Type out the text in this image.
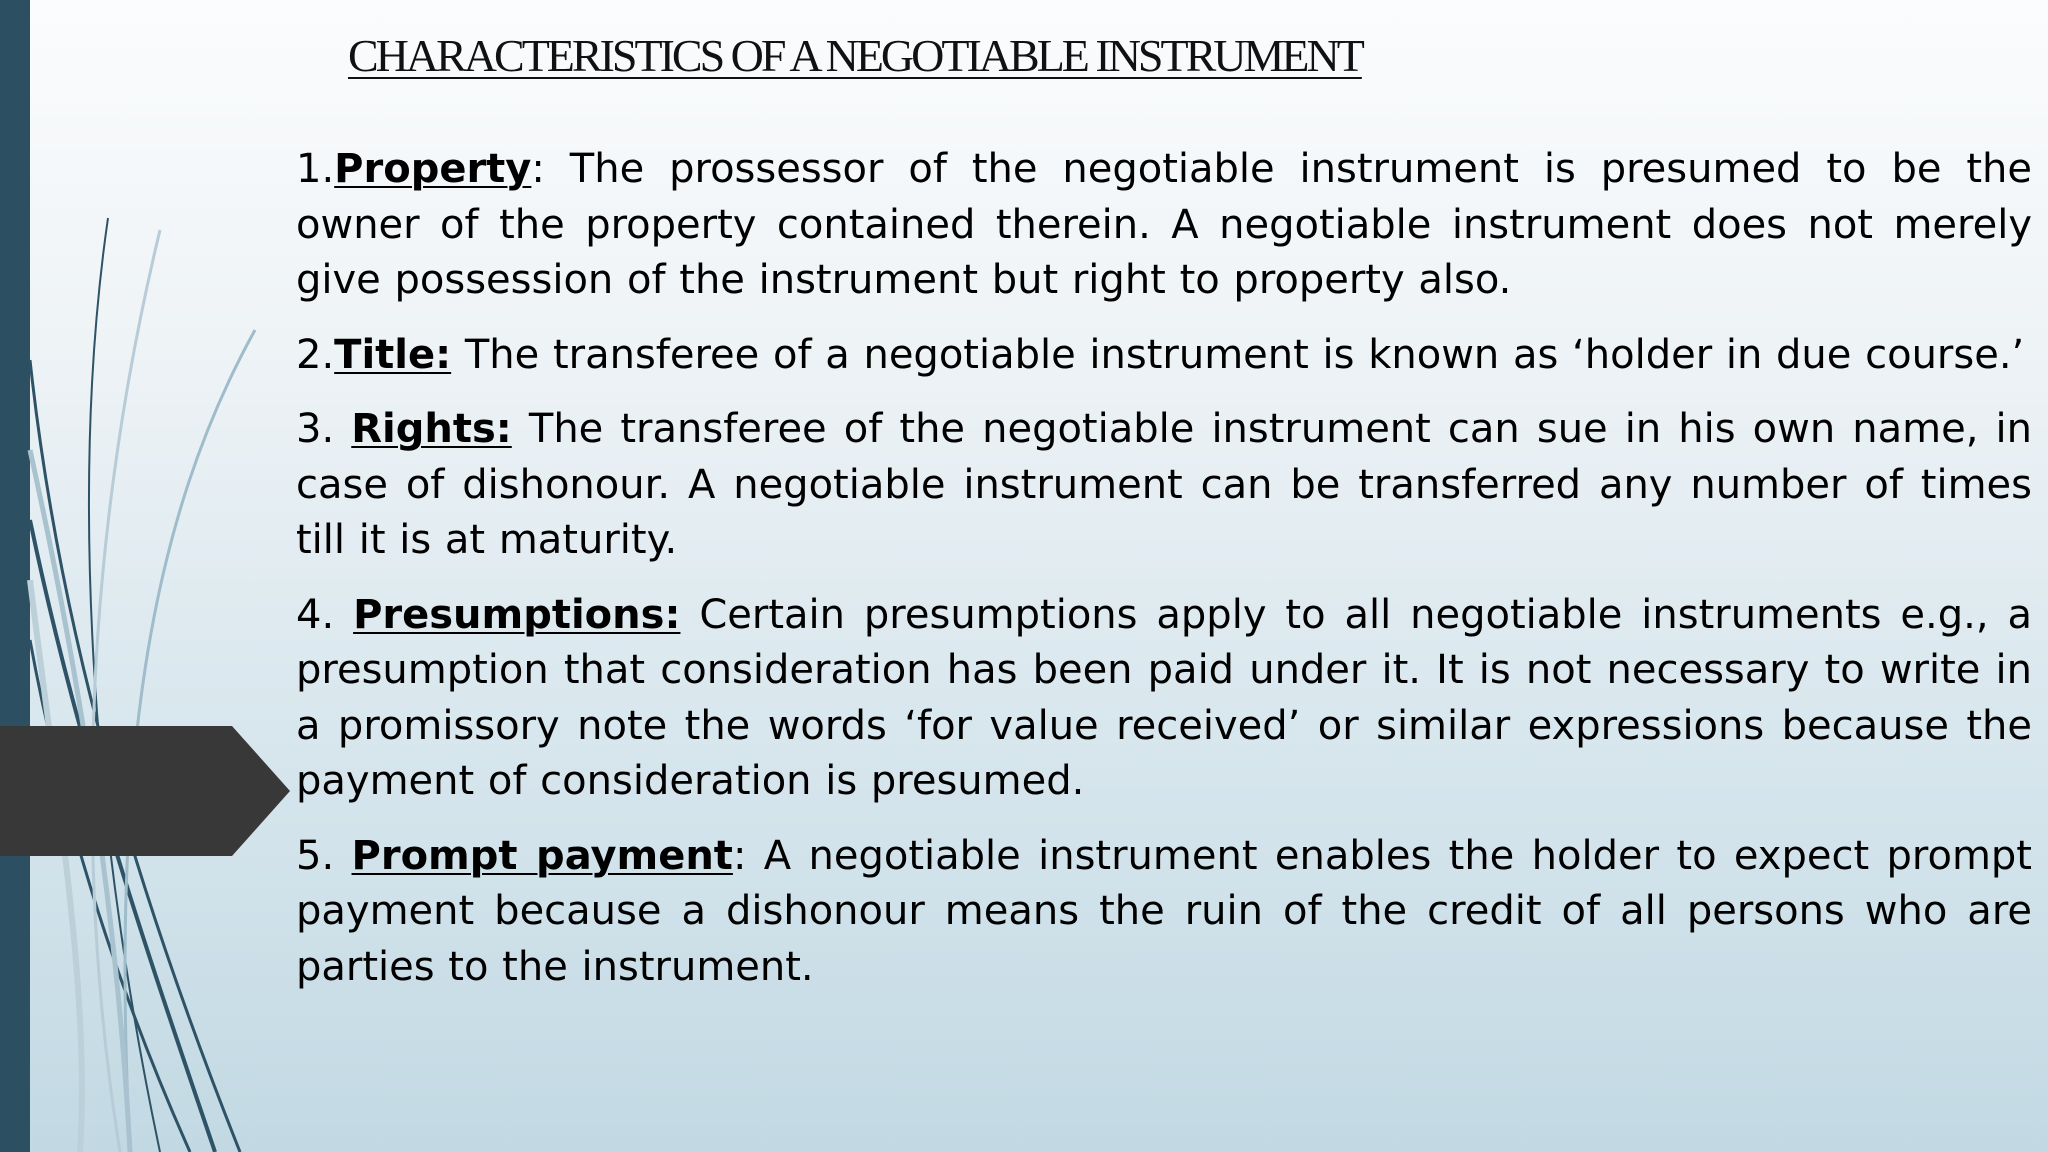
CHARACTERISTICS OF A NEGOTIABLE INSTRUMENT

1.Property: The prossessor of the negotiable instrument is presumed to be the owner of the property contained therein. A negotiable instrument does not merely give possession of the instrument but right to property also.

2.Title: The transferee of a negotiable instrument is known as ‘holder in due course.’

3. Rights: The transferee of the negotiable instrument can sue in his own name, in case of dishonour. A negotiable instrument can be transferred any number of times till it is at maturity.

4. Presumptions: Certain presumptions apply to all negotiable instruments e.g., a presumption that consideration has been paid under it. It is not necessary to write in a promissory note the words ‘for value received’ or similar expressions because the payment of consideration is presumed.

5. Prompt payment: A negotiable instrument enables the holder to expect prompt payment because a dishonour means the ruin of the credit of all persons who are parties to the instrument.
